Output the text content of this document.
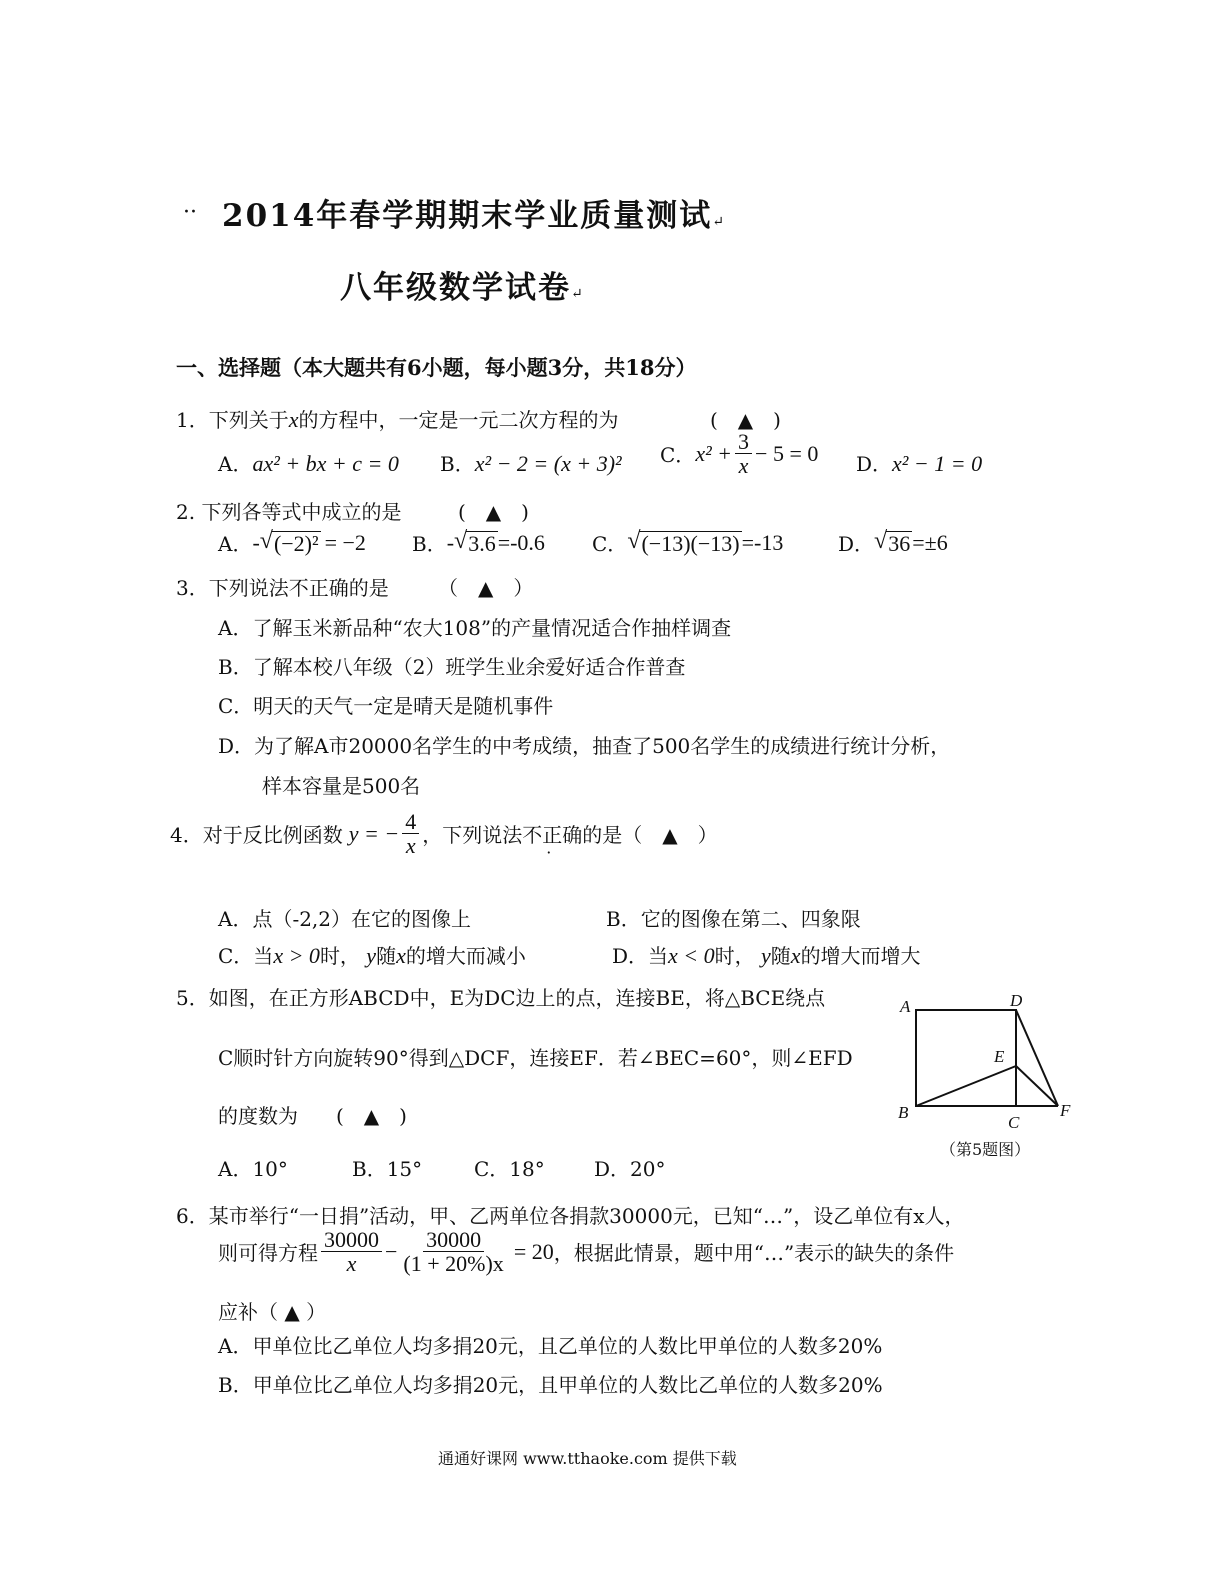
·· 2014年春学期期末学业质量测试↵
八年级数学试卷↵
一、选择题（本大题共有6小题，每小题3分，共18分）
1．下列关于x的方程中，一定是一元二次方程的为	(　▲　)
A．ax² + bx + c = 0 B．x² − 2 = (x + 3)² C． $x^2 + \frac{3}{x} - 5 = 0$ D．x² − 1 = 0
2. 下列各等式中成立的是	(　▲　)
A． - √ (−2)² = −2 B． - √ 3.6 =-0.6 C． √ (−13)(−13) =-13	D． √ 36 =±6
3．下列说法不正确的是 （　▲　）
A．了解玉米新品种“农大108”的产量情况适合作抽样调查
B．了解本校八年级（2）班学生业余爱好适合作普查
C．明天的天气一定是晴天是随机事件
D．为了解A市20000名学生的中考成绩，抽查了500名学生的成绩进行统计分析，
样本容量是500名
4． 对于反比例函数 y = − $\frac{4}{x}$ ，下列说法 不正确 · 的是（　▲　）
A．点（-2,2）在它的图像上	B．它的图像在第二、四象限
C．当x > 0时， y随x的增大而减小	D．当x < 0时， y随x的增大而增大
5．如图，在正方形ABCD中，E为DC边上的点，连接BE，将△BCE绕点
C顺时针方向旋转90°得到△DCF，连接EF．若∠BEC=60°，则∠EFD
的度数为 (　▲　)
A．10°	B．15°	C．18° D．20°
A
B
C
D
E
F
（第5题图）
6．某市举行“一日捐”活动，甲、乙两单位各捐款30000元，已知“…”，设乙单位有x人，
则可得方程 $\frac{30000}{x} - \frac{30000}{(1 + 20\%)x} = 20$ ，根据此情景，题中用“…”表示的缺失的条件
应补（ ▲ ）
A．甲单位比乙单位人均多捐20元，且乙单位的人数比甲单位的人数多20%
B．甲单位比乙单位人均多捐20元，且甲单位的人数比乙单位的人数多20%
通通好课网 www.tthaoke.com 提供下载
